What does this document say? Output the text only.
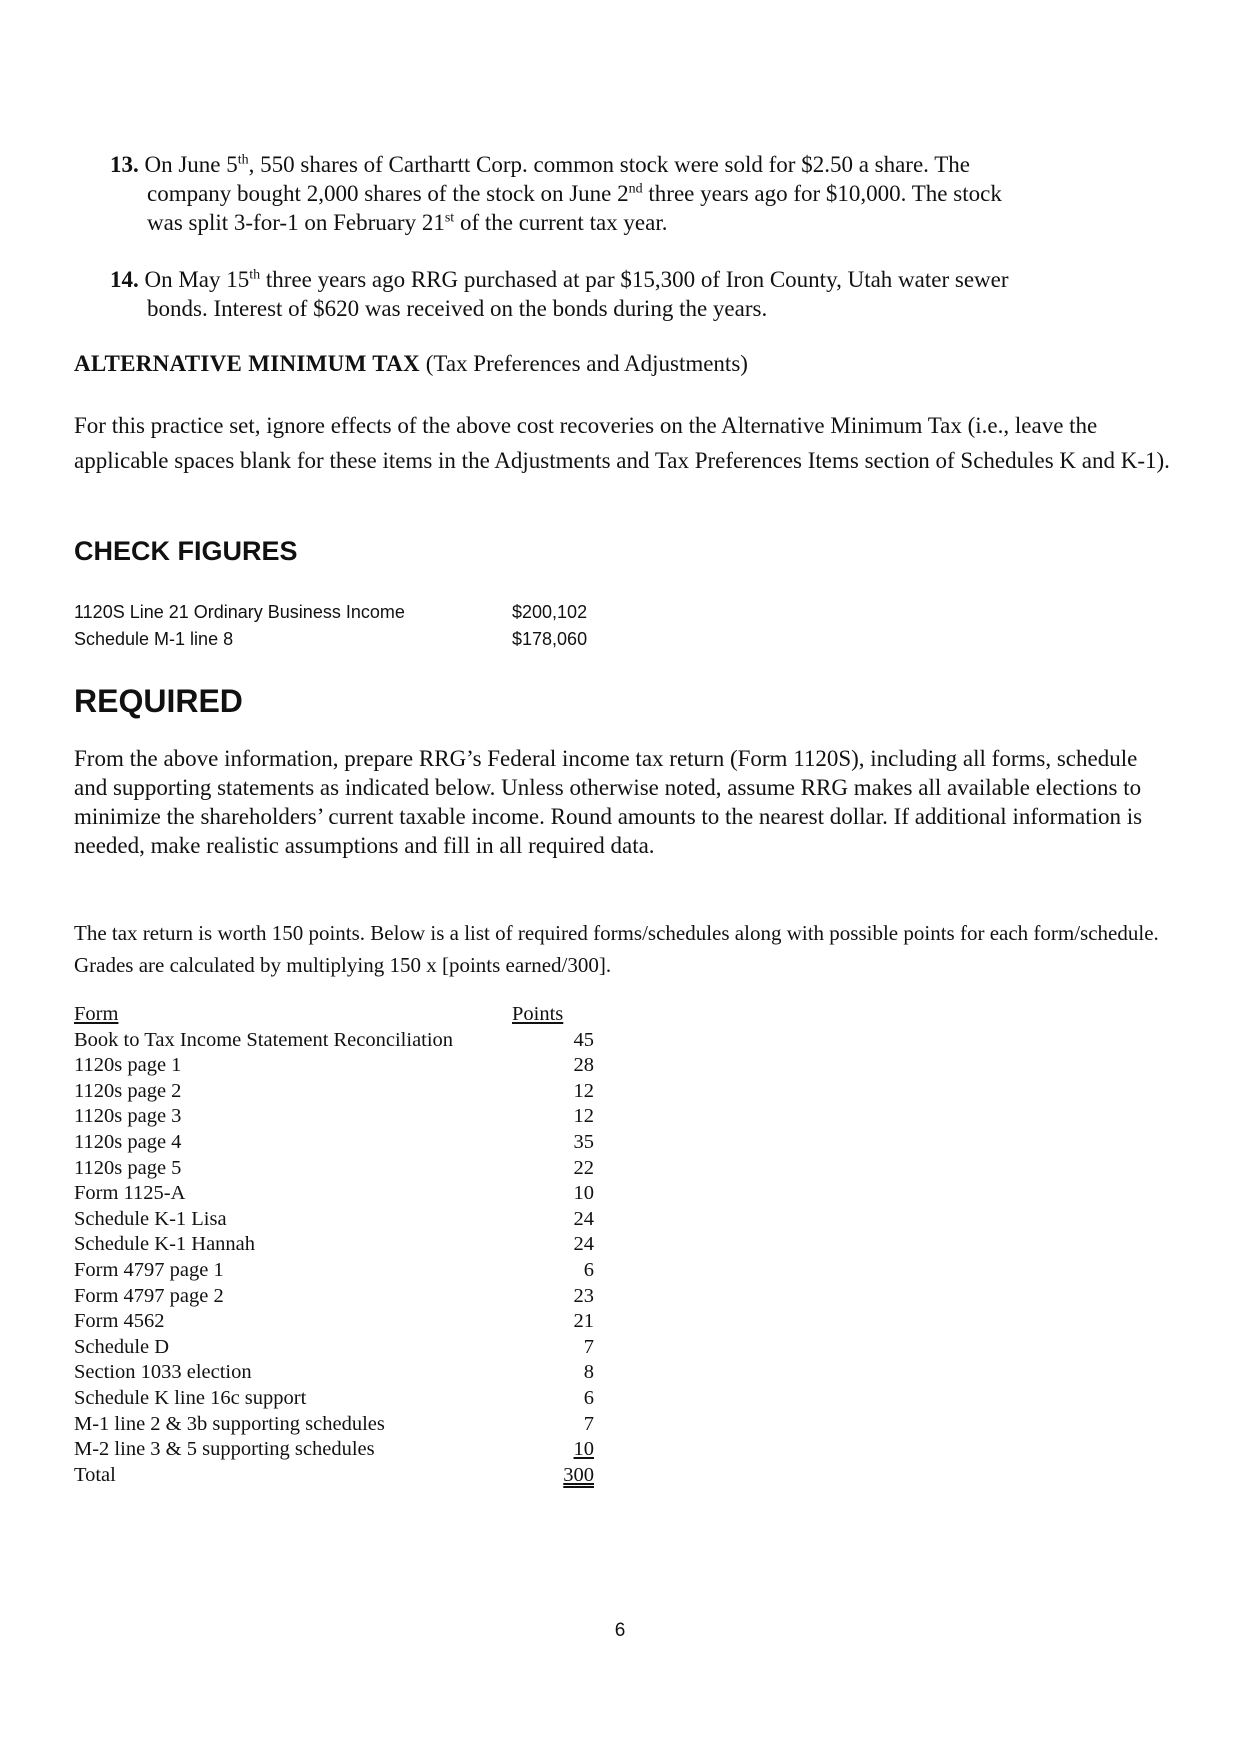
13. On June 5th, 550 shares of Carthartt Corp. common stock were sold for $2.50 a share. The
company bought 2,000 shares of the stock on June 2nd three years ago for $10,000. The stock
was split 3-for-1 on February 21st of the current tax year.
14. On May 15th three years ago RRG purchased at par $15,300 of Iron County, Utah water sewer
bonds. Interest of $620 was received on the bonds during the years.
ALTERNATIVE MINIMUM TAX (Tax Preferences and Adjustments)
For this practice set, ignore effects of the above cost recoveries on the Alternative Minimum Tax (i.e., leave the applicable spaces blank for these items in the Adjustments and Tax Preferences Items section of Schedules K and K-1).
CHECK FIGURES
1120S Line 21 Ordinary Business Income	$200,102
Schedule M-1 line 8	$178,060
REQUIRED
From the above information, prepare RRG’s Federal income tax return (Form 1120S), including all forms, schedule and supporting statements as indicated below. Unless otherwise noted, assume RRG makes all available elections to minimize the shareholders’ current taxable income. Round amounts to the nearest dollar. If additional information is needed, make realistic assumptions and fill in all required data.
The tax return is worth 150 points. Below is a list of required forms/schedules along with possible points for each form/schedule. Grades are calculated by multiplying 150 x [points earned/300].
Form	Points
Book to Tax Income Statement Reconciliation	45
1120s page 1	28
1120s page 2	12
1120s page 3	12
1120s page 4	35
1120s page 5	22
Form 1125-A	10
Schedule K-1 Lisa	24
Schedule K-1 Hannah	24
Form 4797 page 1	6
Form 4797 page 2	23
Form 4562	21
Schedule D	7
Section 1033 election	8
Schedule K line 16c support	6
M-1 line 2 & 3b supporting schedules	7
M-2 line 3 & 5 supporting schedules	10
Total	300
6
